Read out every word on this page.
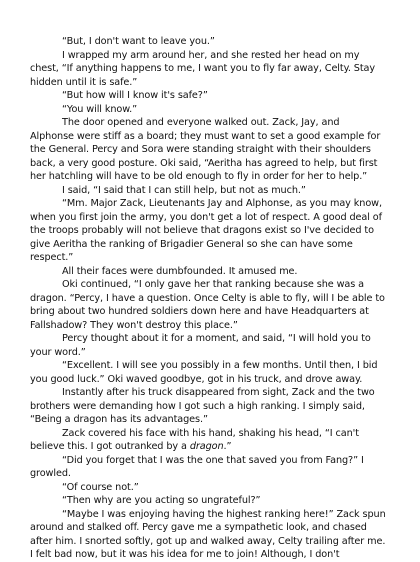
“But, I don't want to leave you.”

I wrapped my arm around her, and she rested her head on my chest, “If anything happens to me, I want you to fly far away, Celty. Stay hidden until it is safe.”

“But how will I know it's safe?”

“You will know.”

The door opened and everyone walked out. Zack, Jay, and Alphonse were stiff as a board; they must want to set a good example for the General. Percy and Sora were standing straight with their shoulders back, a very good posture. Oki said, “Aeritha has agreed to help, but first her hatchling will have to be old enough to fly in order for her to help.”

I said, “I said that I can still help, but not as much.”

“Mm. Major Zack, Lieutenants Jay and Alphonse, as you may know, when you first join the army, you don't get a lot of respect. A good deal of the troops probably will not believe that dragons exist so I've decided to give Aeritha the ranking of Brigadier General so she can have some respect.”

All their faces were dumbfounded. It amused me.

Oki continued, “I only gave her that ranking because she was a dragon. “Percy, I have a question. Once Celty is able to fly, will I be able to bring about two hundred soldiers down here and have Headquarters at Fallshadow? They won't destroy this place.”

Percy thought about it for a moment, and said, “I will hold you to your word.”

“Excellent. I will see you possibly in a few months. Until then, I bid you good luck.” Oki waved goodbye, got in his truck, and drove away.

Instantly after his truck disappeared from sight, Zack and the two brothers were demanding how I got such a high ranking. I simply said, “Being a dragon has its advantages.”

Zack covered his face with his hand, shaking his head, “I can't believe this. I got outranked by a dragon.”

“Did you forget that I was the one that saved you from Fang?” I growled.

“Of course not.”

“Then why are you acting so ungrateful?”

“Maybe I was enjoying having the highest ranking here!” Zack spun around and stalked off. Percy gave me a sympathetic look, and chased after him. I snorted softly, got up and walked away, Celty trailing after me. I felt bad now, but it was his idea for me to join! Although, I don't
